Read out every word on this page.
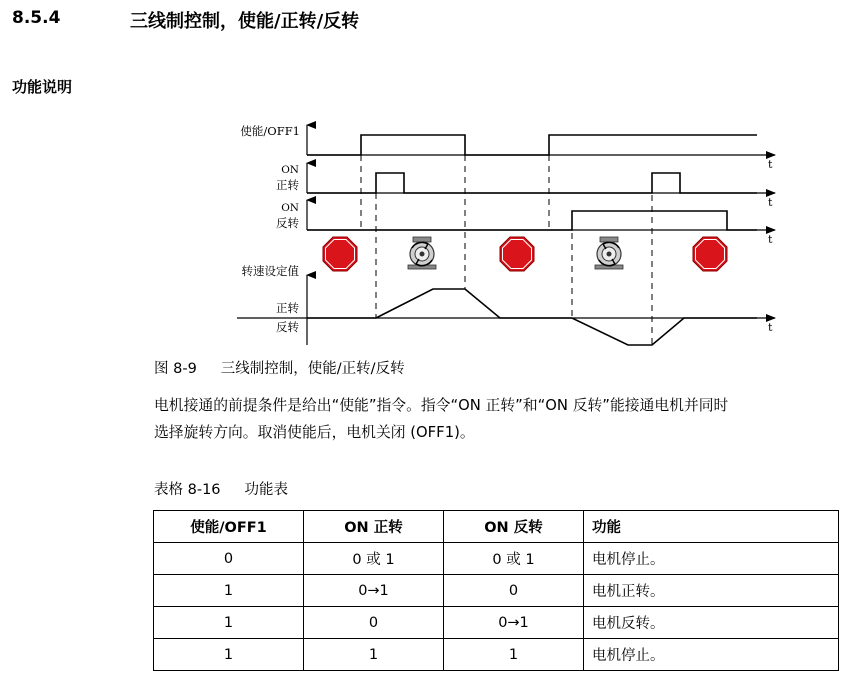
8.5.4	三线制控制，使能/正转/反转
功能说明
使能/OFF1
ON
正转
ON
反转
转速设定值
正转
反转
t
t
t
t
图 8-9 三线制控制，使能/正转/反转
电机接通的前提条件是给出“使能”指令。指令“ON 正转”和“ON 反转”能接通电机并同时
选择旋转方向。取消使能后，电机关闭 (OFF1)。
表格 8-16 功能表
使能/OFF1	ON 正转	ON 反转	功能
0	0 或 1	0 或 1	电机停止。
1	0→1	0	电机正转。
1	0	0→1	电机反转。
1	1	1	电机停止。
